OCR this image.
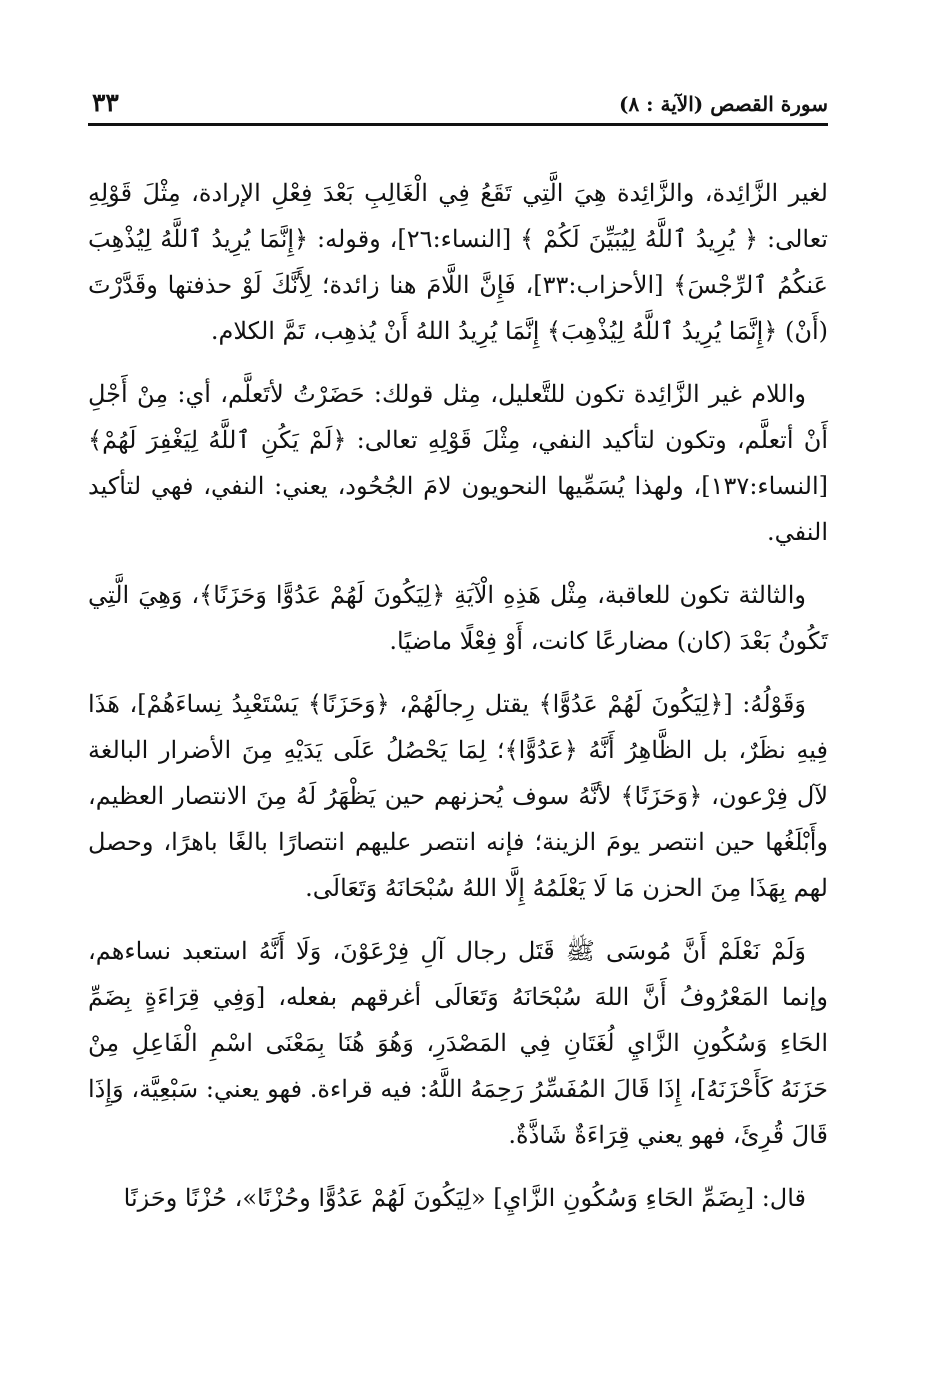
سورة القصص (الآية : ٨)
٣٣

لغير الزَّائِدة، والزَّائِدة هِيَ الَّتِي تَقَعُ فِي الْغَالِبِ بَعْدَ فِعْلِ الإرادة، مِثْلَ قَوْلِهِ تعالى: ﴿ يُرِيدُ ٱللَّهُ لِيُبَيِّنَ لَكُمْ ﴾ [النساء:٢٦]، وقوله: ﴿إِنَّمَا يُرِيدُ ٱللَّهُ لِيُذْهِبَ عَنكُمُ ٱلرِّجْسَ﴾ [الأحزاب:٣٣]، فَإِنَّ اللَّامَ هنا زائدة؛ لِأَنَّكَ لَوْ حذفتها وقَدَّرْتَ (أَنْ) ﴿إِنَّمَا يُرِيدُ ٱللَّهُ لِيُذْهِبَ﴾ إِنَّمَا يُرِيدُ اللهُ أَنْ يُذهِب، تَمَّ الكلام.

واللام غير الزَّائِدة تكون للتَّعليل، مِثل قولك: حَضَرْتُ لأتَعلَّم، أي: مِنْ أَجْلِ أَنْ أتعلَّم، وتكون لتأكيد النفي، مِثْلَ قَوْلِهِ تعالى: ﴿لَمْ يَكُنِ ٱللَّهُ لِيَغْفِرَ لَهُمْ﴾ [النساء:١٣٧]، ولهذا يُسَمِّيها النحويون لامَ الجُحُود، يعني: النفي، فهي لتأكيد النفي.

والثالثة تكون للعاقبة، مِثْل هَذِهِ الْآيَةِ ﴿لِيَكُونَ لَهُمْ عَدُوًّا وَحَزَنًا﴾، وَهِيَ الَّتِي تَكُونُ بَعْدَ (كان) مضارعًا كانت، أَوْ فِعْلًا ماضيًا.

وَقَوْلُهُ: [﴿لِيَكُونَ لَهُمْ عَدُوًّا﴾ يقتل رِجالَهُمْ، ﴿وَحَزَنًا﴾ يَسْتَعْبِدُ نِساءَهُمْ]، هَذَا فِيهِ نظَرٌ، بل الظَّاهِرُ أَنَّهُ ﴿عَدُوًّا﴾؛ لِمَا يَحْصُلُ عَلَى يَدَيْهِ مِنَ الأضرار البالغة لآل فِرْعون، ﴿وَحَزَنًا﴾ لأنَّهُ سوف يُحزنهم حين يَظْهَرُ لَهُ مِنَ الانتصار العظيم، وأَبْلَغُها حين انتصر يومَ الزينة؛ فإنه انتصر عليهم انتصارًا بالغًا باهرًا، وحصل لهم بِهَذَا مِنَ الحزن مَا لَا يَعْلَمُهُ إِلَّا اللهُ سُبْحَانَهُ وَتَعَالَى.

وَلَمْ نَعْلَمْ أَنَّ مُوسَى ﷺ قَتَل رجال آلِ فِرْعَوْنَ، وَلَا أَنَّهُ استعبد نساءهم، وإنما المَعْرُوفُ أَنَّ اللهَ سُبْحَانَهُ وَتَعَالَى أغرقهم بفعله، [وَفِي قِرَاءَةٍ بِضَمِّ الحَاءِ وَسُكُونِ الزَّايِ لُغَتَانِ فِي المَصْدَرِ، وَهُوَ هُنَا بِمَعْنَى اسْمِ الْفَاعِلِ مِنْ حَزَنَهُ كَأَحْزَنَهُ]، إِذَا قَالَ المُفَسِّرُ رَحِمَهُ اللَّهُ: فيه قراءة. فهو يعني: سَبْعِيَّة، وَإِذَا قَالَ قُرِئَ، فهو يعني قِرَاءَةٌ شَاذَّةٌ.

قال: [بِضَمِّ الحَاءِ وَسُكُونِ الزَّايِ] «لِيَكُونَ لَهُمْ عَدُوًّا وحُزْنًا»، حُزْنًا وحَزنًا
